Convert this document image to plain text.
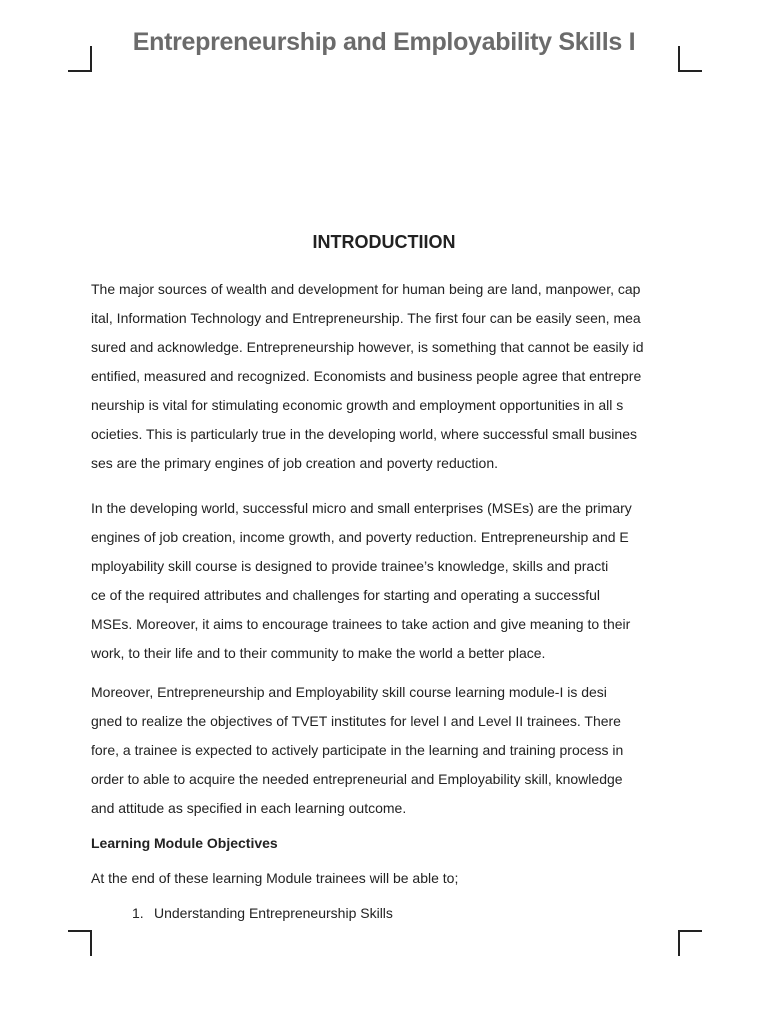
Entrepreneurship and Employability Skills I
INTRODUCTIION

The major sources of wealth and development for human being are land, manpower, cap
ital, Information Technology and Entrepreneurship. The first four can be easily seen, mea
sured and acknowledge. Entrepreneurship however, is something that cannot be easily id
entified, measured and recognized. Economists and business people agree that entrepre
neurship is vital for stimulating economic growth and employment opportunities in all s
ocieties. This is particularly true in the developing world, where successful small busines
ses are the primary engines of job creation and poverty reduction.

In the developing world, successful micro and small enterprises (MSEs) are the primary
engines of job creation, income growth, and poverty reduction. Entrepreneurship and E
mployability skill course is designed to provide trainee’s knowledge, skills and practi
ce of the required attributes and challenges for starting and operating a successful
MSEs. Moreover, it aims to encourage trainees to take action and give meaning to their
work, to their life and to their community to make the world a better place.

Moreover, Entrepreneurship and Employability skill course learning module-I is desi
gned to realize the objectives of TVET institutes for level I and Level II trainees. There
fore, a trainee is expected to actively participate in the learning and training process in
order to able to acquire the needed entrepreneurial and Employability skill, knowledge
and attitude as specified in each learning outcome.

Learning Module Objectives
At the end of these learning Module trainees will be able to;
1. Understanding Entrepreneurship Skills
